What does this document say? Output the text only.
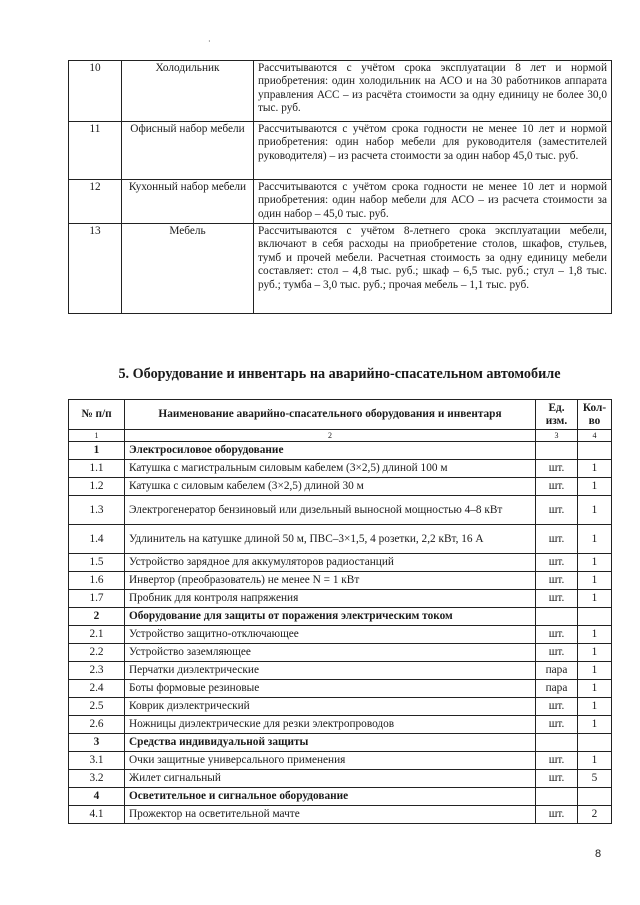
·
10	Холодильник	Рассчитываются с учётом срока эксплуатации 8 лет и нормой приобретения: один холодильник на АСО и на 30 работников аппарата управления АСС – из расчёта стоимости за одну единицу не более 30,0 тыс. руб.
11	Офисный набор мебели	Рассчитываются с учётом срока годности не менее 10 лет и нормой приобретения: один набор мебели для руководителя (заместителей руководителя) – из расчета стоимости за один набор 45,0 тыс. руб.
12	Кухонный набор мебели	Рассчитываются с учётом срока годности не менее 10 лет и нормой приобретения: один набор мебели для АСО – из расчета стоимости за один набор – 45,0 тыс. руб.
13	Мебель	Рассчитываются с учётом 8-летнего срока эксплуатации мебели, включают в себя расходы на приобретение столов, шкафов, стульев, тумб и прочей мебели. Расчетная стоимость за одну единицу мебели составляет: стол – 4,8 тыс. руб.; шкаф – 6,5 тыс. руб.; стул – 1,8 тыс. руб.; тумба – 3,0 тыс. руб.; прочая мебель – 1,1 тыс. руб.
5. Оборудование и инвентарь на аварийно-спасательном автомобиле
№ п/п	Наименование аварийно-спасательного оборудования и инвентаря	Ед. изм.	Кол-во
1	2	3	4
1	Электросиловое оборудование		
1.1	Катушка с магистральным силовым кабелем (3×2,5) длиной 100 м	шт.	1
1.2	Катушка с силовым кабелем (3×2,5) длиной 30 м	шт.	1
1.3	Электрогенератор бензиновый или дизельный выносной мощностью 4–8 кВт	шт.	1
1.4	Удлинитель на катушке длиной 50 м, ПВС–3×1,5, 4 розетки, 2,2 кВт, 16 А	шт.	1
1.5	Устройство зарядное для аккумуляторов радиостанций	шт.	1
1.6	Инвертор (преобразователь) не менее N = 1 кВт	шт.	1
1.7	Пробник для контроля напряжения	шт.	1
2	Оборудование для защиты от поражения электрическим током		
2.1	Устройство защитно-отключающее	шт.	1
2.2	Устройство заземляющее	шт.	1
2.3	Перчатки диэлектрические	пара	1
2.4	Боты формовые резиновые	пара	1
2.5	Коврик диэлектрический	шт.	1
2.6	Ножницы диэлектрические для резки электропроводов	шт.	1
3	Средства индивидуальной защиты		
3.1	Очки защитные универсального применения	шт.	1
3.2	Жилет сигнальный	шт.	5
4	Осветительное и сигнальное оборудование		
4.1	Прожектор на осветительной мачте	шт.	2
8
